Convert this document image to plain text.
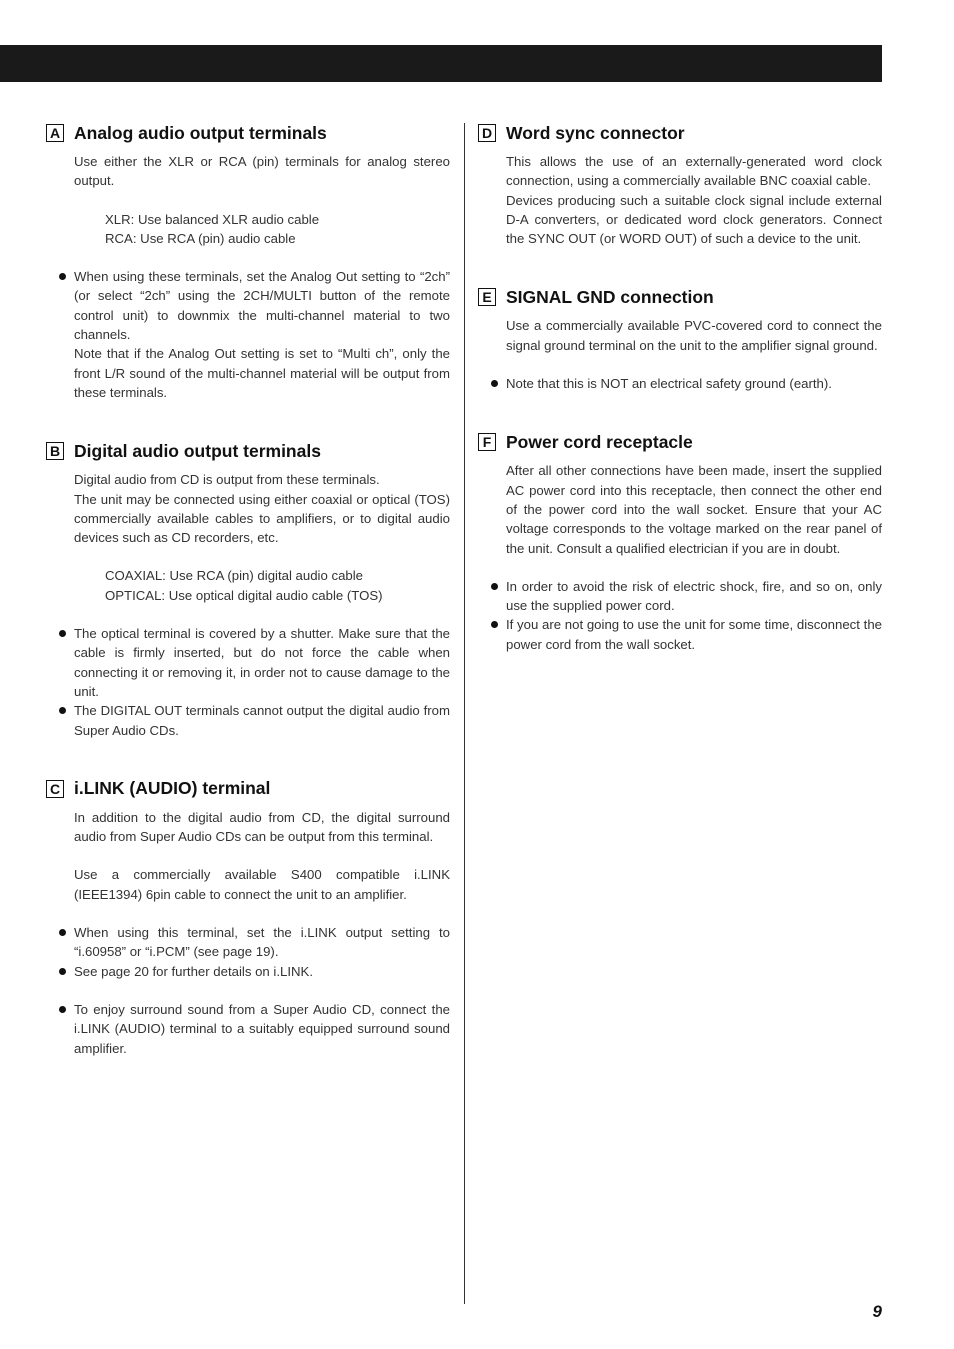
A Analog audio output terminals

Use either the XLR or RCA (pin) terminals for analog stereo output.

XLR: Use balanced XLR audio cable

RCA: Use RCA (pin) audio cable

When using these terminals, set the Analog Out setting to “2ch” (or select “2ch” using the 2CH/MULTI button of the remote control unit) to downmix the multi-channel material to two channels.

Note that if the Analog Out setting is set to “Multi ch”, only the front L/R sound of the multi-channel material will be output from these terminals.

B Digital audio output terminals

Digital audio from CD is output from these terminals.

The unit may be connected using either coaxial or optical (TOS) commercially available cables to amplifiers, or to digital audio devices such as CD recorders, etc.

COAXIAL: Use RCA (pin) digital audio cable

OPTICAL: Use optical digital audio cable (TOS)

The optical terminal is covered by a shutter. Make sure that the cable is firmly inserted, but do not force the cable when connecting it or removing it, in order not to cause damage to the unit.

The DIGITAL OUT terminals cannot output the digital audio from Super Audio CDs.

C i.LINK (AUDIO) terminal

In addition to the digital audio from CD, the digital surround audio from Super Audio CDs can be output from this terminal.

Use a commercially available S400 compatible i.LINK (IEEE1394) 6pin cable to connect the unit to an amplifier.

When using this terminal, set the i.LINK output setting to “i.60958” or “i.PCM” (see page 19).

See page 20 for further details on i.LINK.

To enjoy surround sound from a Super Audio CD, connect the i.LINK (AUDIO) terminal to a suitably equipped surround sound amplifier.

D Word sync connector

This allows the use of an externally-generated word clock connection, using a commercially available BNC coaxial cable.

Devices producing such a suitable clock signal include external D-A converters, or dedicated word clock generators. Connect the SYNC OUT (or WORD OUT) of such a device to the unit.

E SIGNAL GND connection

Use a commercially available PVC-covered cord to connect the signal ground terminal on the unit to the amplifier signal ground.

Note that this is NOT an electrical safety ground (earth).

F Power cord receptacle

After all other connections have been made, insert the supplied AC power cord into this receptacle, then connect the other end of the power cord into the wall socket. Ensure that your AC voltage corresponds to the voltage marked on the rear panel of the unit. Consult a qualified electrician if you are in doubt.

In order to avoid the risk of electric shock, fire, and so on, only use the supplied power cord.

If you are not going to use the unit for some time, disconnect the power cord from the wall socket.

9
